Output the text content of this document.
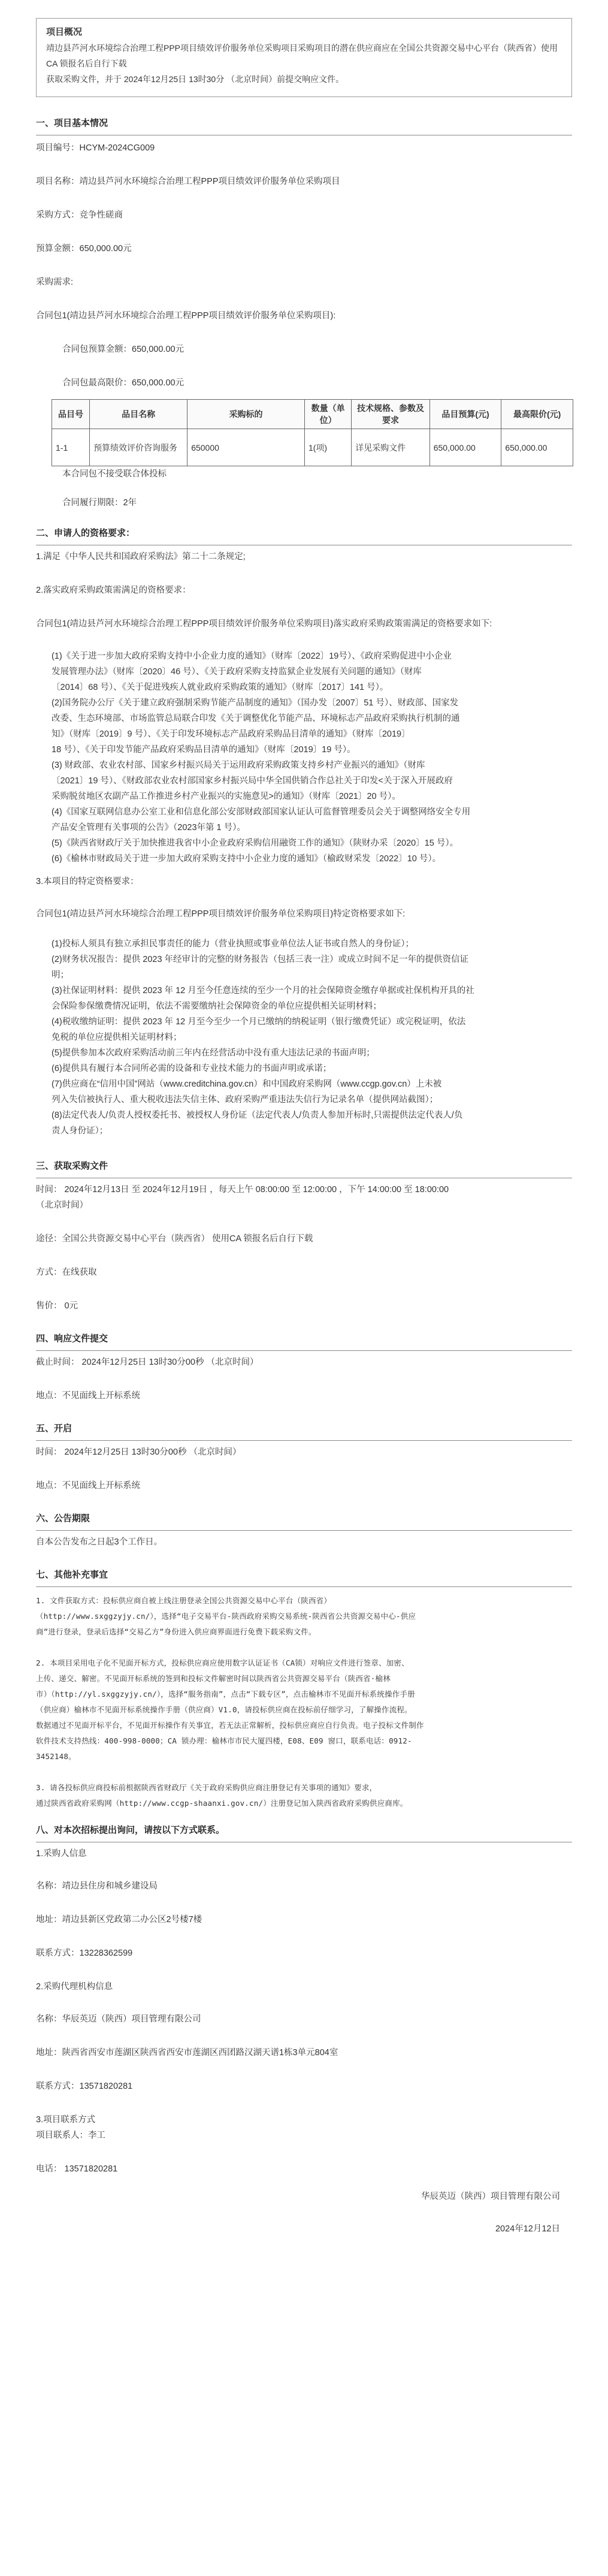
项目概况
靖边县芦河水环境综合治理工程PPP项目绩效评价服务单位采购项目采购项目的潜在供应商应在全国公共资源交易中心平台（陕西省）使用CA 锁报名后自行下载
获取采购文件，并于 2024年12月25日 13时30分 （北京时间）前提交响应文件。

一、项目基本情况

项目编号：HCYM-2024CG009

项目名称：靖边县芦河水环境综合治理工程PPP项目绩效评价服务单位采购项目

采购方式：竞争性磋商

预算金额：650,000.00元

采购需求:

合同包1(靖边县芦河水环境综合治理工程PPP项目绩效评价服务单位采购项目):

合同包预算金额：650,000.00元

合同包最高限价：650,000.00元

品目号	品目名称	采购标的	数量（单位）	技术规格、参数及要求	品目预算(元)	最高限价(元)
1-1	预算绩效评价咨询服务	650000	1(项)	详见采购文件	650,000.00	650,000.00

本合同包不接受联合体投标

合同履行期限：2年

二、申请人的资格要求：

1.满足《中华人民共和国政府采购法》第二十二条规定;

2.落实政府采购政策需满足的资格要求：

合同包1(靖边县芦河水环境综合治理工程PPP项目绩效评价服务单位采购项目)落实政府采购政策需满足的资格要求如下:

(1)《关于进一步加大政府采购支持中小企业力度的通知》（财库〔2022〕19号）、《政府采购促进中小企业

发展管理办法》（财库〔2020〕46 号）、《关于政府采购支持监狱企业发展有关问题的通知》（财库

〔2014〕68 号）、《关于促进残疾人就业政府采购政策的通知》（财库〔2017〕141 号）。

(2)国务院办公厅《关于建立政府强制采购节能产品制度的通知》（国办发〔2007〕51 号）、财政部、国家发

改委、生态环境部、市场监管总局联合印发《关于调整优化节能产品、环境标志产品政府采购执行机制的通

知》（财库〔2019〕9 号）、《关于印发环境标志产品政府采购品目清单的通知》（财库〔2019〕

18 号）、《关于印发节能产品政府采购品目清单的通知》（财库〔2019〕19 号）。

(3) 财政部、农业农村部、国家乡村振兴局关于运用政府采购政策支持乡村产业振兴的通知》（财库

〔2021〕19 号）、《财政部农业农村部国家乡村振兴局中华全国供销合作总社关于印发<关于深入开展政府

采购脱贫地区农副产品工作推进乡村产业振兴的实施意见>的通知》（财库〔2021〕20 号）。

(4)《国家互联网信息办公室工业和信息化部公安部财政部国家认证认可监督管理委员会关于调整网络安全专用

产品安全管理有关事项的公告》（2023年第 1 号）。

(5)《陕西省财政厅关于加快推进我省中小企业政府采购信用融资工作的通知》（陕财办采〔2020〕15 号）。

(6)《榆林市财政局关于进一步加大政府采购支持中小企业力度的通知》（榆政财采发〔2022〕10 号）。

3.本项目的特定资格要求：

合同包1(靖边县芦河水环境综合治理工程PPP项目绩效评价服务单位采购项目)特定资格要求如下:

(1)投标人须具有独立承担民事责任的能力（营业执照或事业单位法人证书或自然人的身份证）；

(2)财务状况报告：提供 2023 年经审计的完整的财务报告（包括三表一注）或成立时间不足一年的提供资信证

明；

(3)社保证明材料：提供 2023 年 12 月至今任意连续的至少一个月的社会保障资金缴存单据或社保机构开具的社

会保险参保缴费情况证明，依法不需要缴纳社会保障资金的单位应提供相关证明材料；

(4)税收缴纳证明：提供 2023 年 12 月至今至少一个月已缴纳的纳税证明（银行缴费凭证）或完税证明，依法

免税的单位应提供相关证明材料；

(5)提供参加本次政府采购活动前三年内在经营活动中没有重大违法记录的书面声明；

(6)提供具有履行本合同所必需的设备和专业技术能力的书面声明或承诺；

(7)供应商在“信用中国”网站（www.creditchina.gov.cn）和中国政府采购网（www.ccgp.gov.cn）上未被

列入失信被执行人、重大税收违法失信主体、政府采购严重违法失信行为记录名单（提供网站截图）；

(8)法定代表人/负责人授权委托书、被授权人身份证（法定代表人/负责人参加开标时,只需提供法定代表人/负

责人身份证）；

三、获取采购文件

时间： 2024年12月13日 至 2024年12月19日 ，每天上午 08:00:00 至 12:00:00 ，下午 14:00:00 至 18:00:00

（北京时间）

途径：全国公共资源交易中心平台（陕西省） 使用CA 锁报名后自行下载

方式：在线获取

售价： 0元

四、响应文件提交

截止时间： 2024年12月25日 13时30分00秒 （北京时间）

地点：不见面线上开标系统

五、开启

时间： 2024年12月25日 13时30分00秒 （北京时间）

地点：不见面线上开标系统

六、公告期限

自本公告发布之日起3个工作日。

七、其他补充事宜

1. 文件获取方式：投标供应商自被上线注册登录全国公共资源交易中心平台（陕西省）
（http://www.sxggzyjy.cn/），选择“电子交易平台-陕西政府采购交易系统-陕西省公共资源交易中心-供应
商”进行登录，登录后选择“交易乙方”身份进入供应商界面进行免费下载采购文件。
2. 本项目采用电子化不见面开标方式，投标供应商应使用数字认证证书（CA锁）对响应文件进行签章、加密、
上传、递交、解密。不见面开标系统的签到和投标文件解密时间以陕西省公共资源交易平台（陕西省·榆林
市）（http://yl.sxggzyjy.cn/），选择“服务指南”，点击“下载专区”，点击榆林市不见面开标系统操作手册
（供应商）榆林市不见面开标系统操作手册（供应商）V1.0，请投标供应商在投标前仔细学习，了解操作流程。
数据通过不见面开标平台，不见面开标操作有关事宜，若无法正常解析，投标供应商应自行负责。电子投标文件制作
软件技术支持热线：400-998-0000；CA 锁办理：榆林市市民大厦四楼，E08、E09 窗口，联系电话：0912-
3452148。
3. 请各投标供应商投标前根据陕西省财政厅《关于政府采购供应商注册登记有关事项的通知》要求，
通过陕西省政府采购网（http://www.ccgp-shaanxi.gov.cn/）注册登记加入陕西省政府采购供应商库。

八、对本次招标提出询问，请按以下方式联系。

1.采购人信息

名称：靖边县住房和城乡建设局

地址：靖边县新区党政第二办公区2号楼7楼

联系方式：13228362599

2.采购代理机构信息

名称：华辰英迈（陕西）项目管理有限公司

地址：陕西省西安市莲湖区陕西省西安市莲湖区西团路汉湖天谱1栋3单元804室

联系方式：13571820281

3.项目联系方式

项目联系人：李工

电话： 13571820281

华辰英迈（陕西）项目管理有限公司

2024年12月12日
